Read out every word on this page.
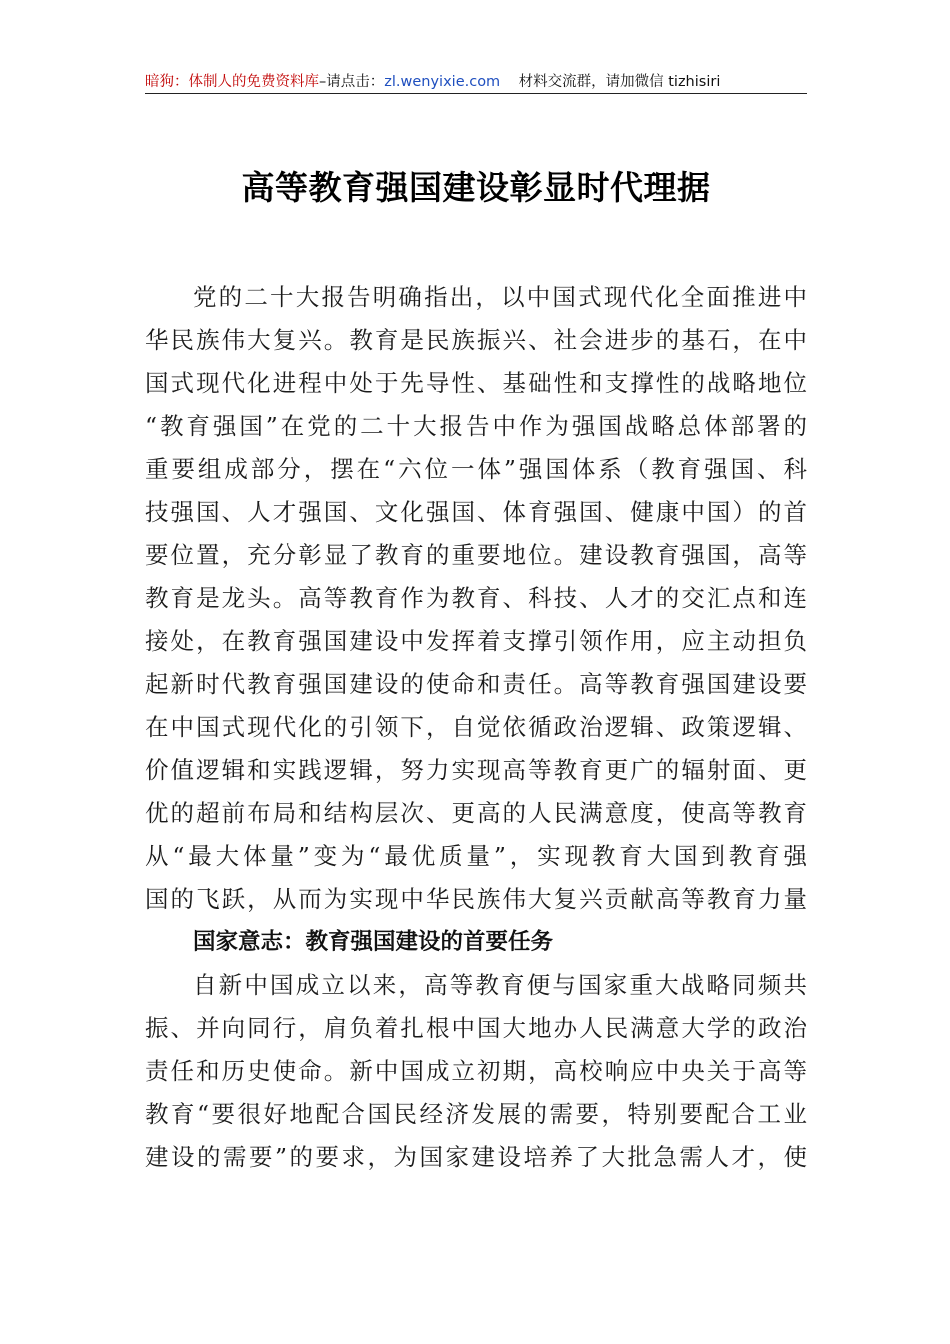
暗狗：体制人的免费资料库–请点击：zl.wenyixie.com 材料交流群，请加微信 tizhisiri
高等教育强国建设彰显时代理据
党的二十大报告明确指出，以中国式现代化全面推进中
华民族伟大复兴。教育是民族振兴、社会进步的基石，在中
国式现代化进程中处于先导性、基础性和支撑性的战略地位
“教育强国”在党的二十大报告中作为强国战略总体部署的
重要组成部分，摆在“六位一体”强国体系（教育强国、科
技强国、人才强国、文化强国、体育强国、健康中国）的首
要位置，充分彰显了教育的重要地位。建设教育强国，高等
教育是龙头。高等教育作为教育、科技、人才的交汇点和连
接处，在教育强国建设中发挥着支撑引领作用，应主动担负
起新时代教育强国建设的使命和责任。高等教育强国建设要
在中国式现代化的引领下，自觉依循政治逻辑、政策逻辑、
价值逻辑和实践逻辑，努力实现高等教育更广的辐射面、更
优的超前布局和结构层次、更高的人民满意度，使高等教育
从“最大体量”变为“最优质量”，实现教育大国到教育强
国的飞跃，从而为实现中华民族伟大复兴贡献高等教育力量
国家意志：教育强国建设的首要任务
自新中国成立以来，高等教育便与国家重大战略同频共
振、并向同行，肩负着扎根中国大地办人民满意大学的政治
责任和历史使命。新中国成立初期，高校响应中央关于高等
教育“要很好地配合国民经济发展的需要，特别要配合工业
建设的需要”的要求，为国家建设培养了大批急需人才，使
